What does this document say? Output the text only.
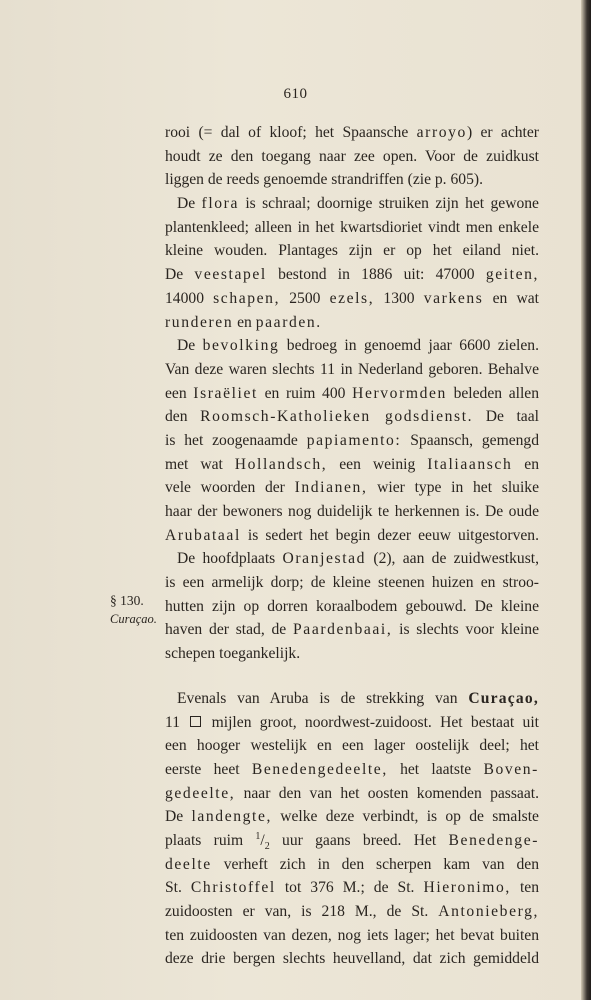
610
§ 130.
Curaçao.
rooi (= dal of kloof; het Spaansche arroyo) er achter
houdt ze den toegang naar zee open. Voor de zuidkust
liggen de reeds genoemde strandriffen (zie p. 605).
De flora is schraal; doornige struiken zijn het gewone
plantenkleed; alleen in het kwartsdioriet vindt men enkele
kleine wouden. Plantages zijn er op het eiland niet.
De veestapel bestond in 1886 uit: 47000 geiten,
14000 schapen, 2500 ezels, 1300 varkens en wat
runderen en paarden.
De bevolking bedroeg in genoemd jaar 6600 zielen.
Van deze waren slechts 11 in Nederland geboren. Behalve
een Israëliet en ruim 400 Hervormden beleden allen
den Roomsch-Katholieken godsdienst. De taal
is het zoogenaamde papiamento: Spaansch, gemengd
met wat Hollandsch, een weinig Italiaansch en
vele woorden der Indianen, wier type in het sluike
haar der bewoners nog duidelijk te herkennen is. De oude
Arubataal is sedert het begin dezer eeuw uitgestorven.
De hoofdplaats Oranjestad (2), aan de zuidwestkust,
is een armelijk dorp; de kleine steenen huizen en stroo-
hutten zijn op dorren koraalbodem gebouwd. De kleine
haven der stad, de Paardenbaai, is slechts voor kleine
schepen toegankelijk.
Evenals van Aruba is de strekking van Curaçao,
11 mijlen groot, noordwest-zuidoost. Het bestaat uit
een hooger westelijk en een lager oostelijk deel; het
eerste heet Benedengedeelte, het laatste Boven-
gedeelte, naar den van het oosten komenden passaat.
De landengte, welke deze verbindt, is op de smalste
plaats ruim $^1/_2$ uur gaans breed. Het Benedenge-
deelte verheft zich in den scherpen kam van den
St. Christoffel tot 376 M.; de St. Hieronimo, ten
zuidoosten er van, is 218 M., de St. Antonieberg,
ten zuidoosten van dezen, nog iets lager; het bevat buiten
deze drie bergen slechts heuvelland, dat zich gemiddeld
